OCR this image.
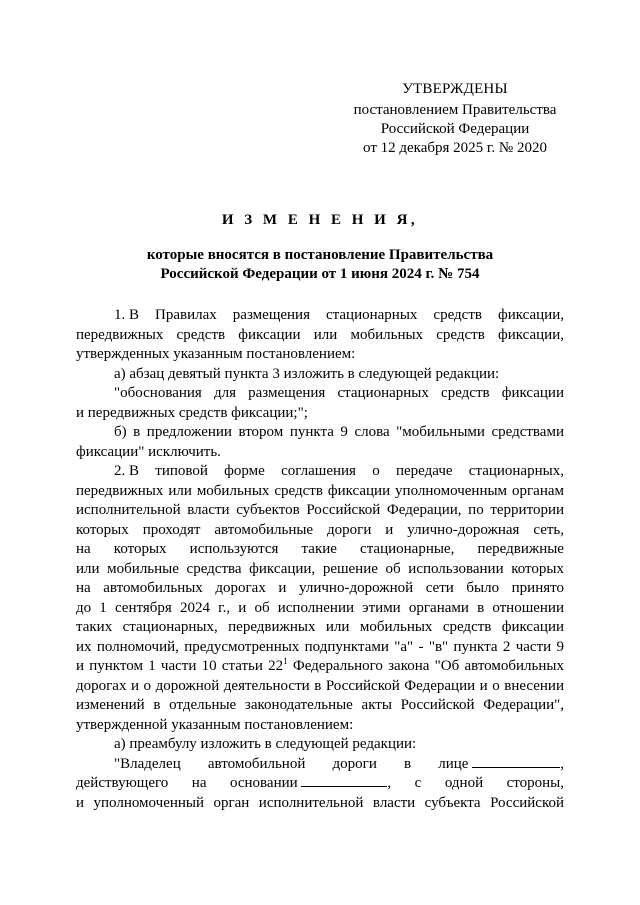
УТВЕРЖДЕНЫ
постановлением Правительства
Российской Федерации
от 12 декабря 2025 г. № 2020
И З М Е Н Е Н И Я,
которые вносятся в постановление Правительства
Российской Федерации от 1 июня 2024 г. № 754
1. В Правилах размещения стационарных средств фиксации,

передвижных средств фиксации или мобильных средств фиксации,

утвержденных указанным постановлением:

а) абзац девятый пункта 3 изложить в следующей редакции:

"обоснования для размещения стационарных средств фиксации

и передвижных средств фиксации;";

б) в предложении втором пункта 9 слова "мобильными средствами

фиксации" исключить.

2. В типовой форме соглашения о передаче стационарных,

передвижных или мобильных средств фиксации уполномоченным органам

исполнительной власти субъектов Российской Федерации, по территории

которых проходят автомобильные дороги и улично-дорожная сеть,

на которых используются такие стационарные, передвижные

или мобильные средства фиксации, решение об использовании которых

на автомобильных дорогах и улично-дорожной сети было принято

до 1 сентября 2024 г., и об исполнении этими органами в отношении

таких стационарных, передвижных или мобильных средств фиксации

их полномочий, предусмотренных подпунктами "а" - "в" пункта 2 части 9

и пунктом 1 части 10 статьи $22^1$ Федерального закона "Об автомобильных

дорогах и о дорожной деятельности в Российской Федерации и о внесении

изменений в отдельные законодательные акты Российской Федерации",

утвержденной указанным постановлением:

а) преамбулу изложить в следующей редакции:

"Владелец автомобильной дороги в лице	,
действующего на основании	, с одной стороны,

и уполномоченный орган исполнительной власти субъекта Российской
